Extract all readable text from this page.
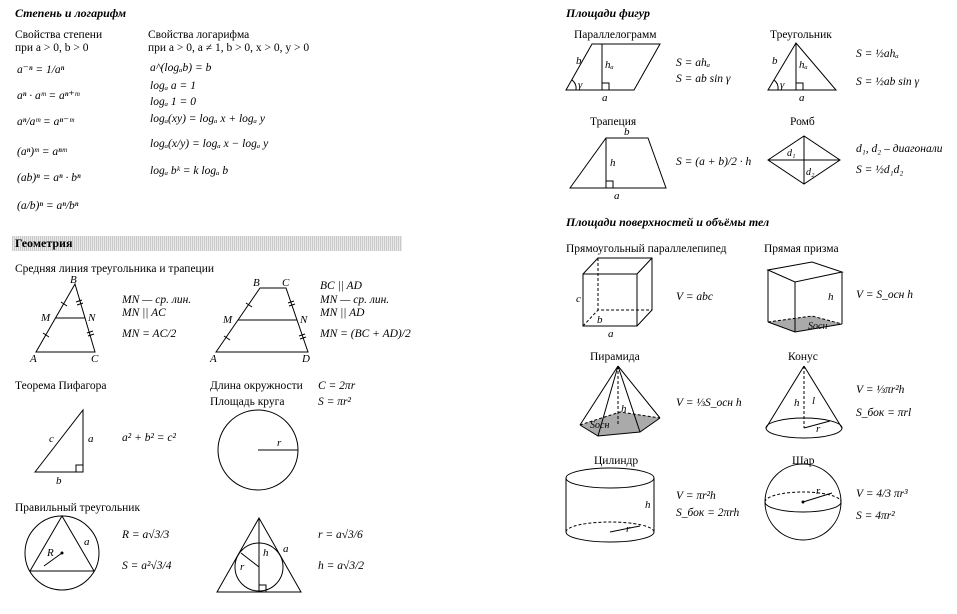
Степень и логарифм
Свойства степени
при a > 0, b > 0
a⁻ⁿ = 1/aⁿ
aⁿ · aᵐ = aⁿ⁺ᵐ
aⁿ/aᵐ = aⁿ⁻ᵐ
(aⁿ)ᵐ = aⁿᵐ
(ab)ⁿ = aⁿ · bⁿ
(a/b)ⁿ = aⁿ/bⁿ
Свойства логарифма
при a > 0, a ≠ 1, b > 0, x > 0, y > 0
a^(logₐb) = b
logₐ a = 1
logₐ 1 = 0
logₐ(xy) = logₐ x + logₐ y
logₐ(x/y) = logₐ x − logₐ y
logₐ bᵏ = k logₐ b
Геометрия
Средняя линия треугольника и трапеции
B
A	C
M	N
MN — ср. лин.
MN || AC
MN = AC/2
B C
A	D
M	N
BC || AD
MN — ср. лин.
MN || AD
MN = (BC + AD)/2
Теорема Пифагора
c	a
b
a² + b² = c²
Длина окружности C = 2πr
Площадь круга	S = πr²
r
Правильный треугольник
R
a
R = a√3/3
S = a²√3/4
h a
r
r = a√3/6
h = a√3/2
Площади фигур
Параллелограмм
b hₐ
γ
a
S = ahₐ
S = ab sin γ
Треугольник
b hₐ
γ
a
S = ½ahₐ
S = ½ab sin γ
Трапеция
b
h
a
S = (a + b)/2 · h
Ромб
d₁
d₂
d₁, d₂ – диагонали
S = ½d₁d₂
Площади поверхностей и объёмы тел
Прямоугольный параллелепипед
c
b
a
V = abc
Прямая призма
h
Sосн
V = S_осн h
Пирамида
h
Sосн
V = ⅓S_осн h
Конус
h l
r
V = ⅓πr²h
S_бок = πrl
Цилиндр
h
r
V = πr²h
S_бок = 2πrh
Шар
r	V = 4/3 πr³
S = 4πr²
